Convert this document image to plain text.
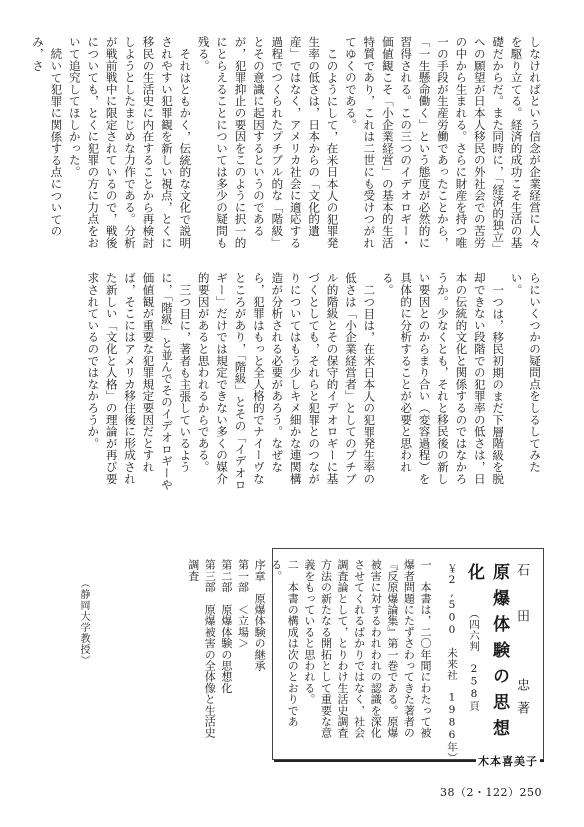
しなければという信念が企業経営に人々を駆り立てる。経済的成功こそ生活の基礎だからだ。また同時に，「経済的独立」への願望が日本人移民の外社会での苦労の中から生まれる。さらに財産を持つ唯一の手段が生産労働であったことから，「一生懸命働く」という態度が必然的に習得される。この三つのイデオロギー・価値観こそ「小企業経営」の基本的生活特質であり，これは二世にも受けつがれてゆくのである。

このようにして，在米日本人の犯罪発生率の低さは，日本からの「文化的遺産」ではなく，アメリカ社会に適応する過程でつくられたプチブル的な「階級」とその意識に起因するというのであるが，犯罪抑止の要因をこのように択一的にとらえることについては多少の疑問も残る。

それはともかく，伝統的な文化で説明されやすい犯罪観を新しい視点，とくに移民の生活史に内在することから再検討しようとしたまじめな力作である。分析が戦前戦中に限定されているので，戦後についても，とくに犯罪の方に力点をおいて追究してほしかった。

続いて犯罪に関係する点についてのみ，さ

らにいくつかの疑問点をしるしてみたい。

一つは，移民初期のまだ下層階級を脱却できない段階での犯罪率の低さは，日本の伝統的文化と関係するのではなかろうか。少なくとも，それと移民後の新しい要因とのからまり合い（変容過程）を具体的に分析することが必要と思われる。

二つ目は，在米日本人の犯罪発生率の低さは「小企業経営者」としてのプチブル的階級とその保守的イデオロギーに基づくとしても，それらと犯罪とのつながりについてはもう少しキメ細かな連関構造が分析される必要があろう。なぜなら，犯罪はもっと全人格的でナイーヴなところがあり，「階級」とその「イデオロギー」だけでは規定できない多くの媒介的要因があると思われるからである。

三つ目に，著者も主張しているように，「階級」と並んでそのイデオロギーや価値観が重要な犯罪規定要因だとすれば，そこにはアメリカ移住後に形成された新しい「文化と人格」の理論が再び要求されているのではなかろうか。

（静岡大学教授）	石　田　　忠著 原爆体験の思想化 （四六判　258頁　￥2,500　未来社　1986年）

一　本書は，二〇年間にわたって被爆者問題にたずさわってきた著者の『反原爆論集』第一巻である。原爆被害に対するわれわれの認識を深化させてくれるばかりではなく，社会調査論として，とりわけ生活史調査方法の新たなる開拓として重要な意義をもっていると思われる。

二　本書の構成は次のとおりである。

序章　原爆体験の継承

第一部　＜立場＞

第二部　原爆体験の思想化

第三部　原爆被害の全体像と生活史調査

木本喜美子
38（2・122）250
